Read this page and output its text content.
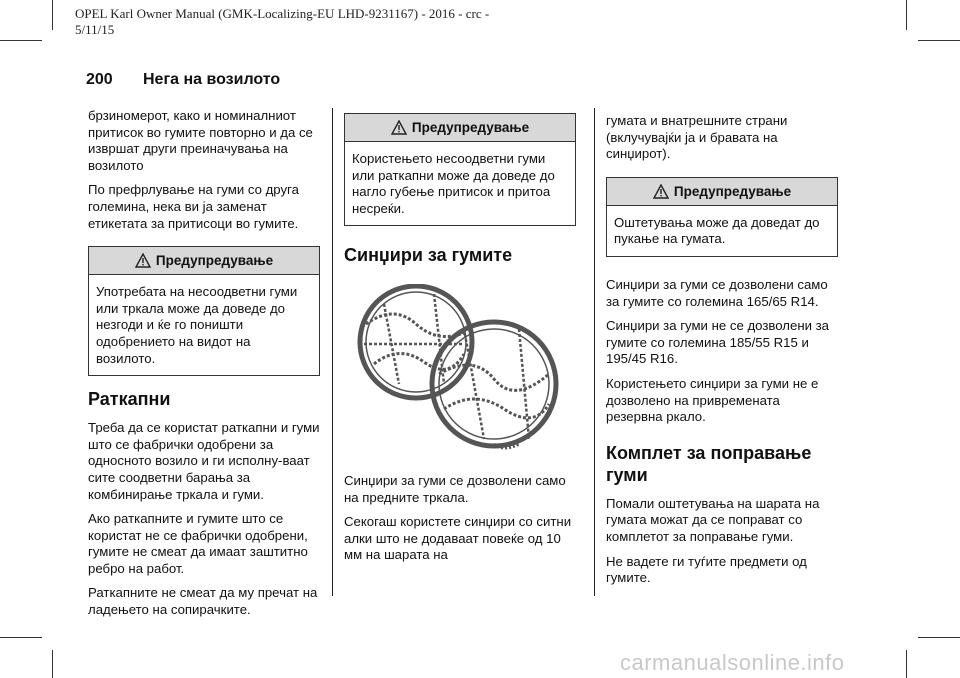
OPEL Karl Owner Manual (GMK-Localizing-EU LHD-9231167) - 2016 - crc - 5/11/15
200 Нега на возилото

брзиномерот, како и номиналниот притисок во гумите повторно и да се извршат други преиначувања на возилото

По префрлување на гуми со друга големина, нека ви ја заменат етикетата за притисоци во гумите.

Предупредување
Употребата на несоодветни гуми или тркала може да доведе до незгоди и ќе го поништи одобрението на видот на возилото.
Раткапни

Треба да се користат раткапни и гуми што се фабрички одобрени за односното возило и ги исполну-ваат сите соодветни барања за комбинирање тркала и гуми.

Ако раткапните и гумите што се користат не се фабрички одобрени, гумите не смеат да имаат заштитно ребро на работ.

Раткапните не смеат да му пречат на ладењето на сопирачките.

Предупредување
Користењето несоодветни гуми или раткапни може да доведе до нагло губење притисок и притоа несреќи.
Синџири за гумите

Синџири за гуми се дозволени само на предните тркала.

Секогаш користете синџири со ситни алки што не додаваат повеќе од 10 мм на шарата на

гумата и внатрешните страни (вклучувајќи ја и бравата на синџирот).

Предупредување
Оштетувања може да доведат до пукање на гумата.

Синџири за гуми се дозволени само за гумите со големина 165/65 R14.

Синџири за гуми не се дозволени за гумите со големина 185/55 R15 и 195/45 R16.

Користењето синџири за гуми не е дозволено на привремената резервна ркало.

Комплет за поправање гуми

Помали оштетувања на шарата на гумата можат да се поправат со комплетот за поправање гуми.

Не вадете ги туѓите предмети од гумите.

carmanualsonline.info
